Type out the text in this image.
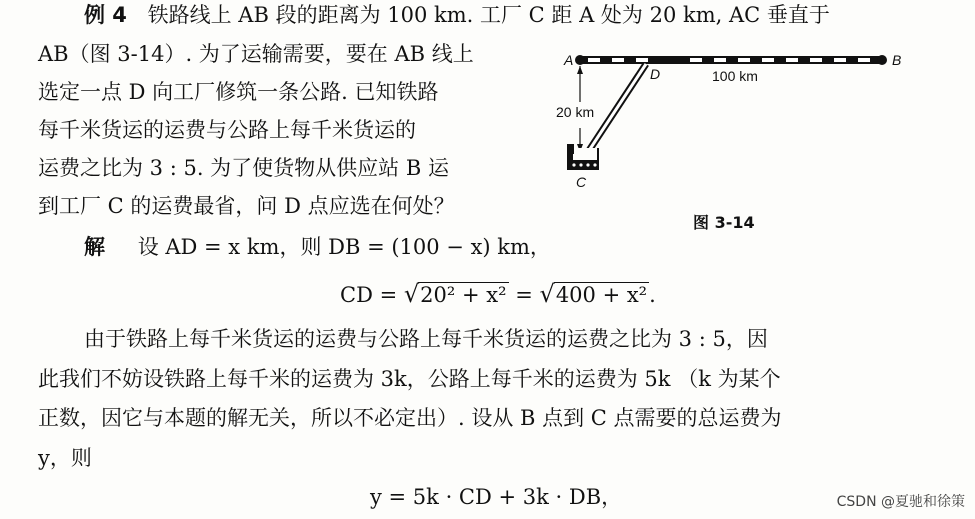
例 4 铁路线上 AB 段的距离为 100 km. 工厂 C 距 A 处为 20 km, AC 垂直于
AB（图 3-14）. 为了运输需要，要在 AB 线上
选定一点 D 向工厂修筑一条公路. 已知铁路
每千米货运的运费与公路上每千米货运的
运费之比为 3 : 5. 为了使货物从供应站 B 运
到工厂 C 的运费最省，问 D 点应选在何处？
A	B
D	100 km
20 km
C
图 3-14
解 设 AD = x km，则 DB = (100 − x) km，
CD = √20² + x² = √400 + x².
由于铁路上每千米货运的运费与公路上每千米货运的运费之比为 3 : 5，因
此我们不妨设铁路上每千米的运费为 3k，公路上每千米的运费为 5k （k 为某个
正数，因它与本题的解无关，所以不必定出）. 设从 B 点到 C 点需要的总运费为
y，则
y = 5k · CD + 3k · DB，	CSDN @夏驰和徐策
